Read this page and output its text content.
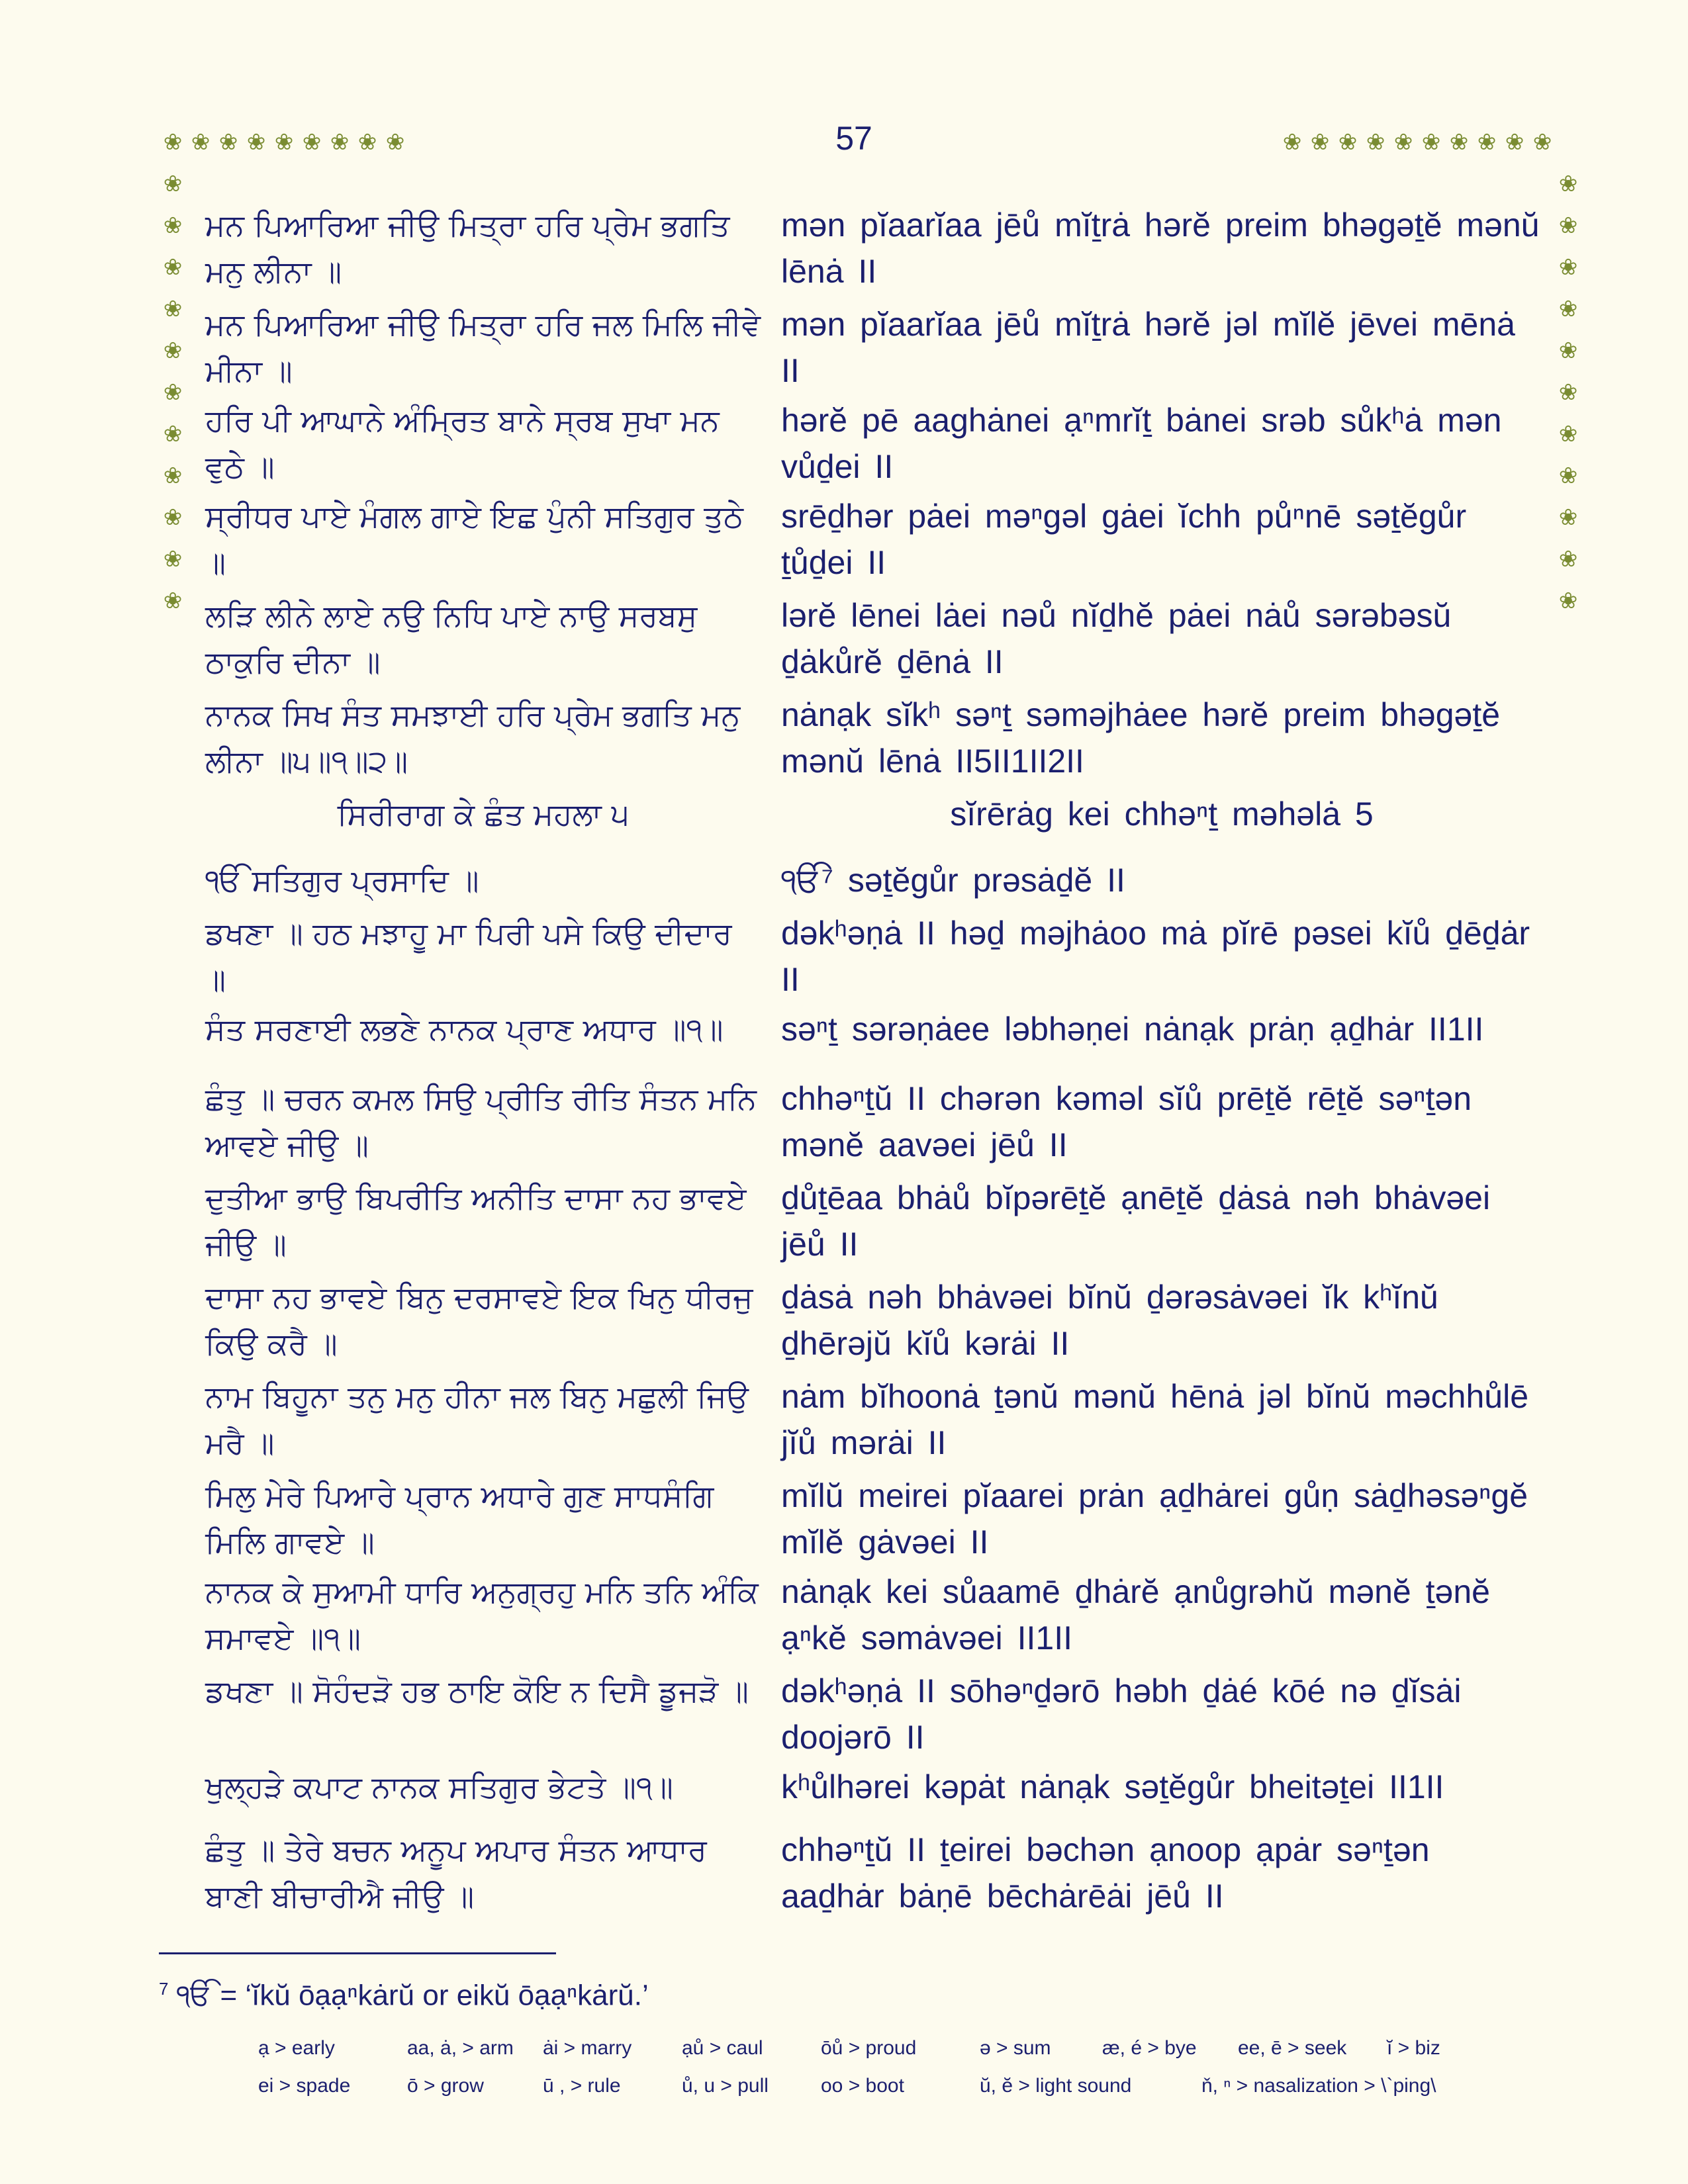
57
❀ ❀ ❀ ❀ ❀ ❀ ❀ ❀ ❀	❀ ❀ ❀ ❀ ❀ ❀ ❀ ❀ ❀ ❀
❀
❀
❀
❀
❀
❀
❀
❀
❀
❀
❀
❀
❀
❀
❀
❀
❀
❀
❀
❀
❀
❀
ਮਨ ਪਿਆਰਿਆ ਜੀਉ ਮਿਤ੍ਰਾ ਹਰਿ ਪ੍ਰੇਮ ਭਗਤਿ ਮਨੁ ਲੀਨਾ ॥
mən pĭaarĭaa jēů mĭṯrȧ hərĕ preim bhəgəṯĕ mənŭ lēnȧ II
ਮਨ ਪਿਆਰਿਆ ਜੀਉ ਮਿਤ੍ਰਾ ਹਰਿ ਜਲ ਮਿਲਿ ਜੀਵੇ ਮੀਨਾ ॥
mən pĭaarĭaa jēů mĭṯrȧ hərĕ jəl mĭlĕ jēvei mēnȧ II
ਹਰਿ ਪੀ ਆਘਾਨੇ ਅੰਮ੍ਰਿਤ ਬਾਨੇ ਸ੍ਰਬ ਸੁਖਾ ਮਨ ਵੁਠੇ ॥
hərĕ pē aaghȧnei ạⁿmrĭṯ bȧnei srəb sůkʰȧ mən vůḏei II
ਸ੍ਰੀਧਰ ਪਾਏ ਮੰਗਲ ਗਾਏ ਇਛ ਪੁੰਨੀ ਸਤਿਗੁਰ ਤੁਠੇ ॥
srēḏhər pȧei məⁿgəl gȧei ĭchh půⁿnē səṯĕgůr ṯůḏei II
ਲੜਿ ਲੀਨੇ ਲਾਏ ਨਉ ਨਿਧਿ ਪਾਏ ਨਾਉ ਸਰਬਸੁ ਠਾਕੁਰਿ ਦੀਨਾ ॥
lərĕ lēnei lȧei nəů nĭḏhĕ pȧei nȧů sərəbəsŭ ḏȧkůrĕ ḏēnȧ II
ਨਾਨਕ ਸਿਖ ਸੰਤ ਸਮਝਾਈ ਹਰਿ ਪ੍ਰੇਮ ਭਗਤਿ ਮਨੁ ਲੀਨਾ ॥੫॥੧॥੨॥
nȧnạk sĭkʰ səⁿṯ səməjhȧee hərĕ preim bhəgəṯĕ mənŭ lēnȧ II5II1II2II
ਸਿਰੀਰਾਗ ਕੇ ਛੰਤ ਮਹਲਾ ੫	sĭrērȧg kei chhəⁿṯ məhəlȧ 5
ੴ ਸਤਿਗੁਰ ਪ੍ਰਸਾਦਿ ॥	ੴ⁷ səṯĕgůr prəsȧḏĕ II
ਡਖਣਾ ॥ ਹਠ ਮਝਾਹੂ ਮਾ ਪਿਰੀ ਪਸੇ ਕਿਉ ਦੀਦਾਰ ॥
dəkʰəṇȧ II həḏ məjhȧoo mȧ pĭrē pəsei kĭů ḏēḏȧr II
ਸੰਤ ਸਰਣਾਈ ਲਭਣੇ ਨਾਨਕ ਪ੍ਰਾਣ ਅਧਾਰ ॥੧॥	səⁿṯ sərəṇȧee ləbhəṇei nȧnạk prȧṇ ạḏhȧr II1II
ਛੰਤੁ ॥ ਚਰਨ ਕਮਲ ਸਿਉ ਪ੍ਰੀਤਿ ਰੀਤਿ ਸੰਤਨ ਮਨਿ ਆਵਏ ਜੀਉ ॥
chhəⁿṯŭ II chərən kəməl sĭů prēṯĕ rēṯĕ səⁿṯən mənĕ aavəei jēů II
ਦੁਤੀਆ ਭਾਉ ਬਿਪਰੀਤਿ ਅਨੀਤਿ ਦਾਸਾ ਨਹ ਭਾਵਏ ਜੀਉ ॥
ḏůṯēaa bhȧů bĭpərēṯĕ ạnēṯĕ ḏȧsȧ nəh bhȧvəei jēů II
ਦਾਸਾ ਨਹ ਭਾਵਏ ਬਿਨੁ ਦਰਸਾਵਏ ਇਕ ਖਿਨੁ ਧੀਰਜੁ ਕਿਉ ਕਰੈ ॥
ḏȧsȧ nəh bhȧvəei bĭnŭ ḏərəsȧvəei ĭk kʰĭnŭ ḏhērəjŭ kĭů kərȧi II
ਨਾਮ ਬਿਹੂਨਾ ਤਨੁ ਮਨੁ ਹੀਨਾ ਜਲ ਬਿਨੁ ਮਛੁਲੀ ਜਿਉ ਮਰੈ ॥
nȧm bĭhoonȧ ṯənŭ mənŭ hēnȧ jəl bĭnŭ məchhůlē jĭů mərȧi II
ਮਿਲੁ ਮੇਰੇ ਪਿਆਰੇ ਪ੍ਰਾਨ ਅਧਾਰੇ ਗੁਣ ਸਾਧਸੰਗਿ ਮਿਲਿ ਗਾਵਏ ॥
mĭlŭ meirei pĭaarei prȧn ạḏhȧrei gůṇ sȧḏhəsəⁿgĕ mĭlĕ gȧvəei II
ਨਾਨਕ ਕੇ ਸੁਆਮੀ ਧਾਰਿ ਅਨੁਗ੍ਰਹੁ ਮਨਿ ਤਨਿ ਅੰਕਿ ਸਮਾਵਏ ॥੧॥
nȧnạk kei sůaamē ḏhȧrĕ ạnůgrəhŭ mənĕ ṯənĕ ạⁿkĕ səmȧvəei II1II
ਡਖਣਾ ॥ ਸੋਹੰਦੜੋ ਹਭ ਠਾਇ ਕੋਇ ਨ ਦਿਸੈ ਡੂਜੜੋ ॥ dəkʰəṇȧ II sōhəⁿḏərō həbh ḏȧé kōé nə ḏĭsȧi doojərō II
ਖੁਲ੍ਹੜੇ ਕਪਾਟ ਨਾਨਕ ਸਤਿਗੁਰ ਭੇਟਤੇ ॥੧॥	kʰůlhərei kəpȧt nȧnạk səṯĕgůr bheitəṯei II1II
ਛੰਤੁ ॥ ਤੇਰੇ ਬਚਨ ਅਨੂਪ ਅਪਾਰ ਸੰਤਨ ਆਧਾਰ ਬਾਣੀ ਬੀਚਾਰੀਐ ਜੀਉ ॥
chhəⁿṯŭ II ṯeirei bəchən ạnoop ạpȧr səⁿṯən aaḏhȧr bȧṇē bēchȧrēȧi jēů II
$^7$ ੴ = ‘ĭkŭ ōạạⁿkȧrŭ or eikŭ ōạạⁿkȧrŭ.’
ạ > early	aa, ȧ, > arm ȧi > marry	ạů > caul	ōů > proud	ə > sum	æ, é > bye ee, ē > seek ĭ > biz
ei > spade	ō > grow	ū , > rule	ů, u > pull	oo > boot	ŭ, ĕ > light sound	ň, ⁿ > nasalization > \`ping\
